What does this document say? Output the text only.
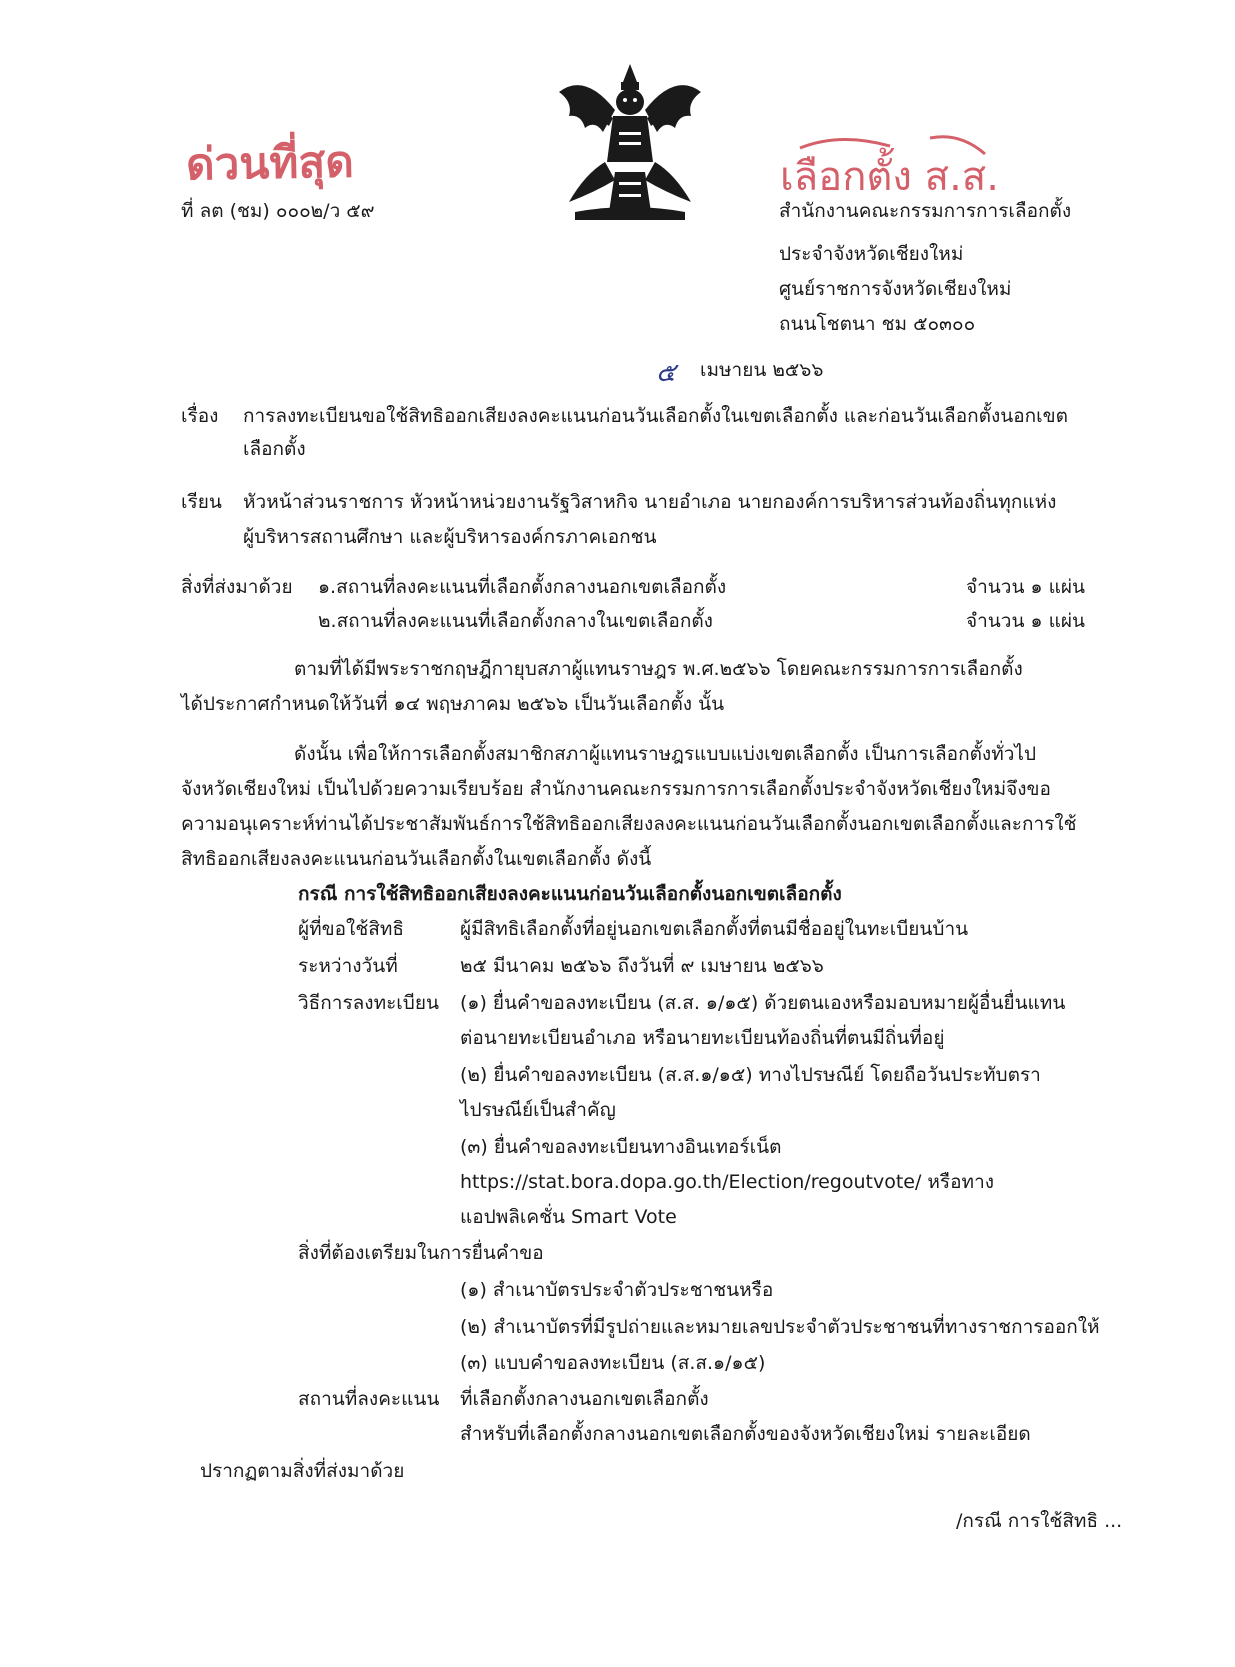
ด่วนที่สุด	เลือกตั้ง ส.ส.
ที่ ลต (ชม) ๐๐๐๒/ว ๕๙	สำนักงานคณะกรรมการการเลือกตั้ง
ประจำจังหวัดเชียงใหม่
ศูนย์ราชการจังหวัดเชียงใหม่
ถนนโชตนา ชม ๕๐๓๐๐
๕ เมษายน ๒๕๖๖
เรื่อง การลงทะเบียนขอใช้สิทธิออกเสียงลงคะแนนก่อนวันเลือกตั้งในเขตเลือกตั้ง และก่อนวันเลือกตั้งนอกเขต
เลือกตั้ง
เรียน หัวหน้าส่วนราชการ หัวหน้าหน่วยงานรัฐวิสาหกิจ นายอำเภอ นายกองค์การบริหารส่วนท้องถิ่นทุกแห่ง
ผู้บริหารสถานศึกษา และผู้บริหารองค์กรภาคเอกชน
สิ่งที่ส่งมาด้วย ๑.สถานที่ลงคะแนนที่เลือกตั้งกลางนอกเขตเลือกตั้ง	จำนวน ๑ แผ่น
๒.สถานที่ลงคะแนนที่เลือกตั้งกลางในเขตเลือกตั้ง	จำนวน ๑ แผ่น
ตามที่ได้มีพระราชกฤษฎีกายุบสภาผู้แทนราษฎร พ.ศ.๒๕๖๖ โดยคณะกรรมการการเลือกตั้ง
ได้ประกาศกำหนดให้วันที่ ๑๔ พฤษภาคม ๒๕๖๖ เป็นวันเลือกตั้ง นั้น
ดังนั้น เพื่อให้การเลือกตั้งสมาชิกสภาผู้แทนราษฎรแบบแบ่งเขตเลือกตั้ง เป็นการเลือกตั้งทั่วไป
จังหวัดเชียงใหม่ เป็นไปด้วยความเรียบร้อย สำนักงานคณะกรรมการการเลือกตั้งประจำจังหวัดเชียงใหม่จึงขอ
ความอนุเคราะห์ท่านได้ประชาสัมพันธ์การใช้สิทธิออกเสียงลงคะแนนก่อนวันเลือกตั้งนอกเขตเลือกตั้งและการใช้
สิทธิออกเสียงลงคะแนนก่อนวันเลือกตั้งในเขตเลือกตั้ง ดังนี้
กรณี การใช้สิทธิออกเสียงลงคะแนนก่อนวันเลือกตั้งนอกเขตเลือกตั้ง
ผู้ที่ขอใช้สิทธิ	ผู้มีสิทธิเลือกตั้งที่อยู่นอกเขตเลือกตั้งที่ตนมีชื่ออยู่ในทะเบียนบ้าน
ระหว่างวันที่	๒๕ มีนาคม ๒๕๖๖ ถึงวันที่ ๙ เมษายน ๒๕๖๖
วิธีการลงทะเบียน (๑) ยื่นคำขอลงทะเบียน (ส.ส. ๑/๑๕) ด้วยตนเองหรือมอบหมายผู้อื่นยื่นแทน
ต่อนายทะเบียนอำเภอ หรือนายทะเบียนท้องถิ่นที่ตนมีถิ่นที่อยู่
(๒) ยื่นคำขอลงทะเบียน (ส.ส.๑/๑๕) ทางไปรษณีย์ โดยถือวันประทับตรา
ไปรษณีย์เป็นสำคัญ
(๓) ยื่นคำขอลงทะเบียนทางอินเทอร์เน็ต
https://stat.bora.dopa.go.th/Election/regoutvote/ หรือทาง
แอปพลิเคชั่น Smart Vote
สิ่งที่ต้องเตรียมในการยื่นคำขอ
(๑) สำเนาบัตรประจำตัวประชาชนหรือ
(๒) สำเนาบัตรที่มีรูปถ่ายและหมายเลขประจำตัวประชาชนที่ทางราชการออกให้
(๓) แบบคำขอลงทะเบียน (ส.ส.๑/๑๕)
สถานที่ลงคะแนน ที่เลือกตั้งกลางนอกเขตเลือกตั้ง
สำหรับที่เลือกตั้งกลางนอกเขตเลือกตั้งของจังหวัดเชียงใหม่ รายละเอียด
ปรากฏตามสิ่งที่ส่งมาด้วย
/กรณี การใช้สิทธิ ...
